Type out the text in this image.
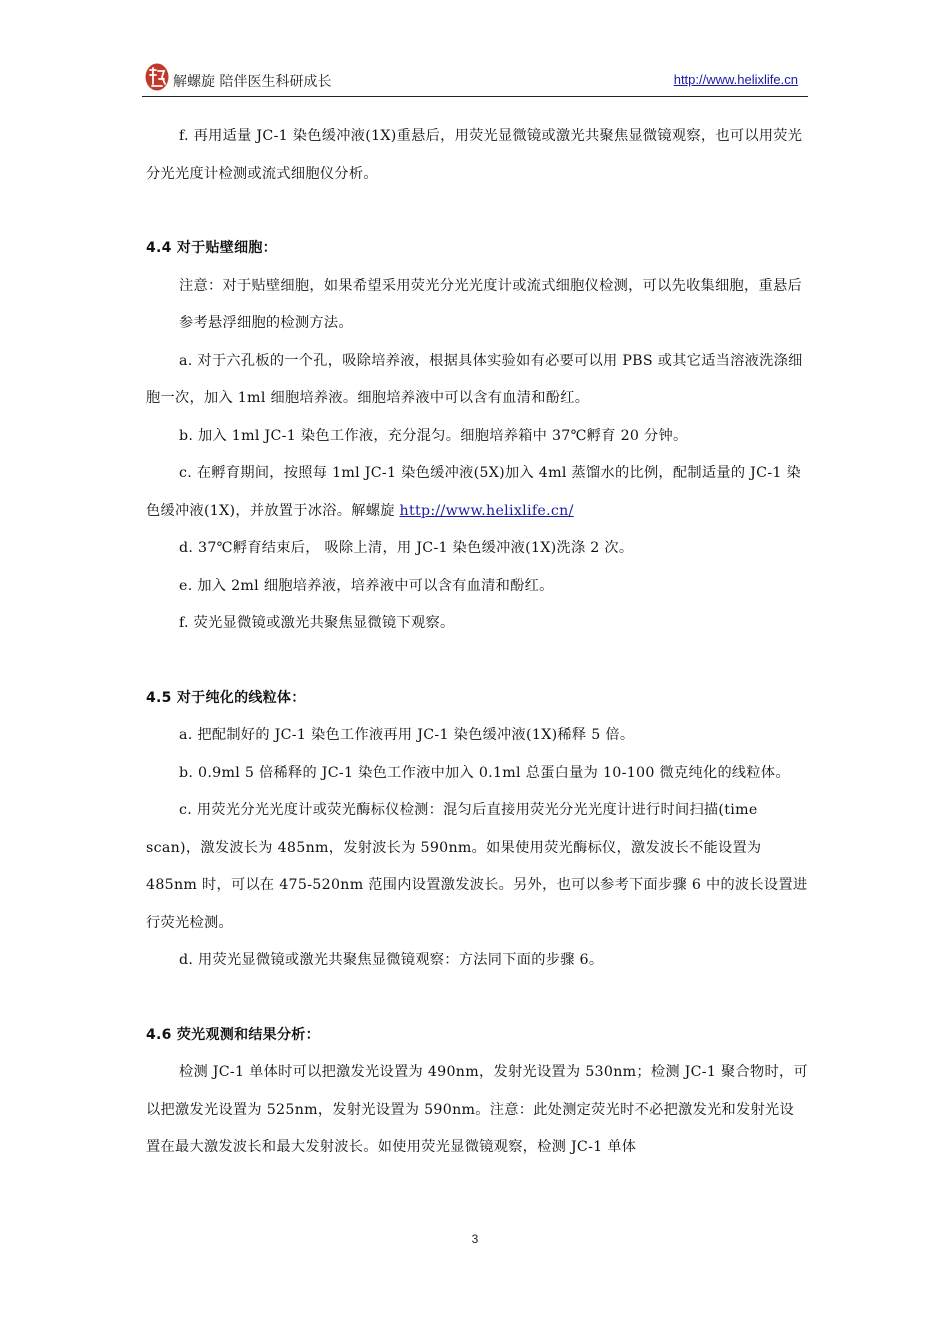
解螺旋 陪伴医生科研成长	http://www.helixlife.cn

f. 再用适量 JC-1 染色缓冲液(1X)重悬后，用荧光显微镜或激光共聚焦显微镜观察，也可以用荧光分光光度计检测或流式细胞仪分析。

4.4 对于贴壁细胞：

注意：对于贴壁细胞，如果希望采用荧光分光光度计或流式细胞仪检测，可以先收集细胞，重悬后

参考悬浮细胞的检测方法。

a. 对于六孔板的一个孔，吸除培养液，根据具体实验如有必要可以用 PBS 或其它适当溶液洗涤细胞一次，加入 1ml 细胞培养液。细胞培养液中可以含有血清和酚红。

b. 加入 1ml JC-1 染色工作液，充分混匀。细胞培养箱中 37℃孵育 20 分钟。

c. 在孵育期间，按照每 1ml JC-1 染色缓冲液(5X)加入 4ml 蒸馏水的比例，配制适量的 JC-1 染色缓冲液(1X)，并放置于冰浴。解螺旋 http://www.helixlife.cn/

d. 37℃孵育结束后， 吸除上清，用 JC-1 染色缓冲液(1X)洗涤 2 次。

e. 加入 2ml 细胞培养液，培养液中可以含有血清和酚红。

f. 荧光显微镜或激光共聚焦显微镜下观察。

4.5 对于纯化的线粒体：

a. 把配制好的 JC-1 染色工作液再用 JC-1 染色缓冲液(1X)稀释 5 倍。

b. 0.9ml 5 倍稀释的 JC-1 染色工作液中加入 0.1ml 总蛋白量为 10-100 微克纯化的线粒体。

c. 用荧光分光光度计或荧光酶标仪检测：混匀后直接用荧光分光光度计进行时间扫描(time scan)，激发波长为 485nm，发射波长为 590nm。如果使用荧光酶标仪，激发波长不能设置为 485nm 时，可以在 475-520nm 范围内设置激发波长。另外，也可以参考下面步骤 6 中的波长设置进行荧光检测。

d. 用荧光显微镜或激光共聚焦显微镜观察：方法同下面的步骤 6。

4.6 荧光观测和结果分析：

检测 JC-1 单体时可以把激发光设置为 490nm，发射光设置为 530nm；检测 JC-1 聚合物时，可以把激发光设置为 525nm，发射光设置为 590nm。注意：此处测定荧光时不必把激发光和发射光设置在最大激发波长和最大发射波长。如使用荧光显微镜观察，检测 JC-1 单体

3
